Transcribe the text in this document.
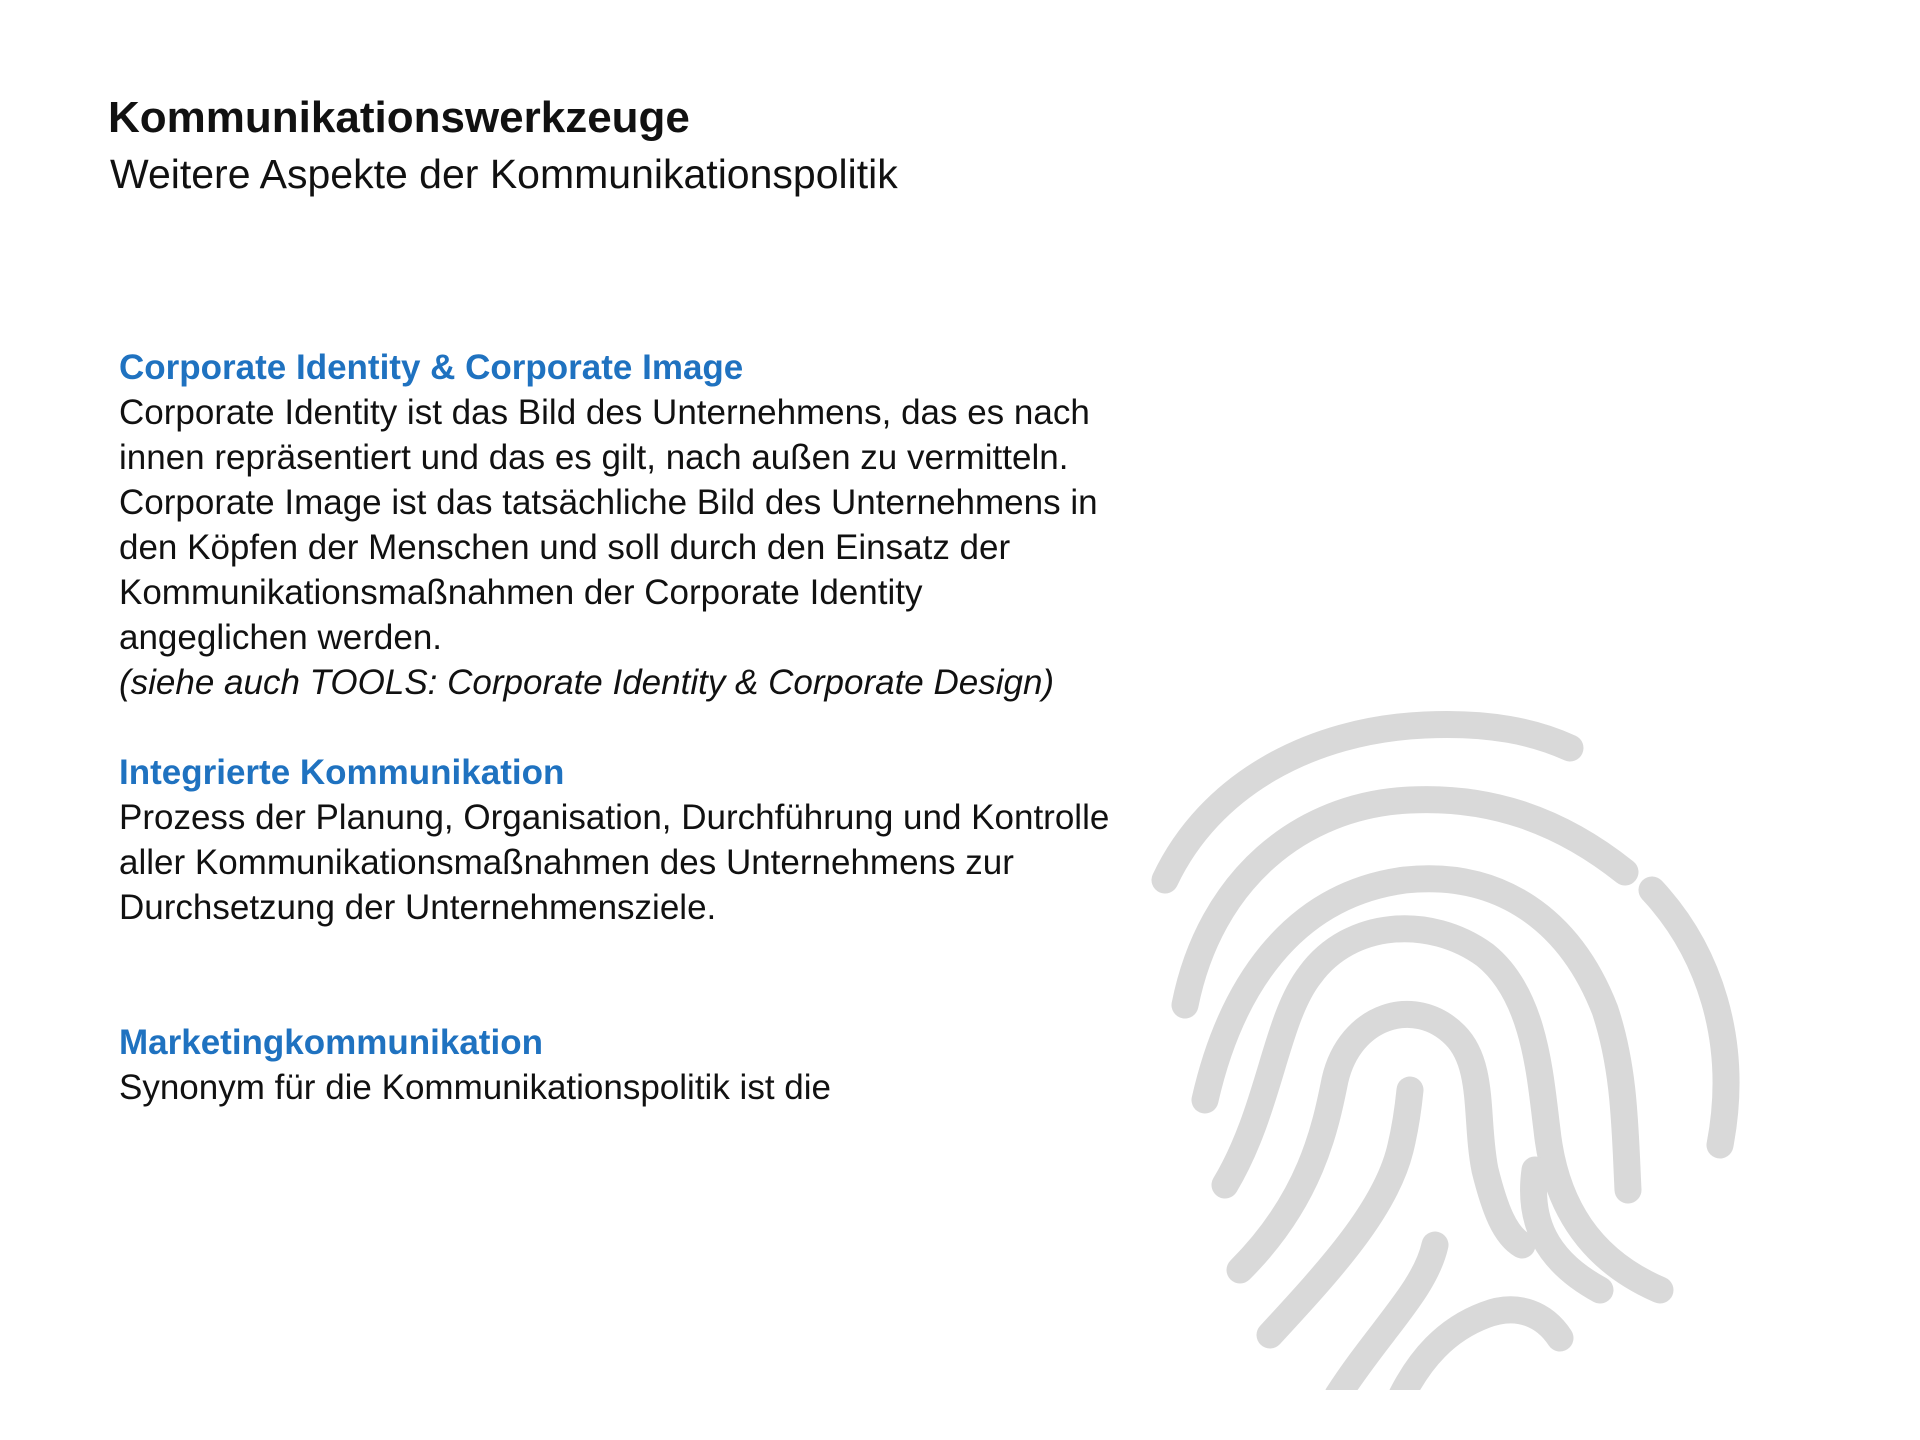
Kommunikationswerkzeuge
Weitere Aspekte der Kommunikationspolitik
Corporate Identity & Corporate Image
Corporate Identity ist das Bild des Unternehmens, das es nach
innen repräsentiert und das es gilt, nach außen zu vermitteln.
Corporate Image ist das tatsächliche Bild des Unternehmens in
den Köpfen der Menschen und soll durch den Einsatz der
Kommunikationsmaßnahmen der Corporate Identity
angeglichen werden.
(siehe auch TOOLS: Corporate Identity & Corporate Design)
Integrierte Kommunikation
Prozess der Planung, Organisation, Durchführung und Kontrolle
aller Kommunikationsmaßnahmen des Unternehmens zur
Durchsetzung der Unternehmensziele.
Marketingkommunikation
Synonym für die Kommunikationspolitik ist die
